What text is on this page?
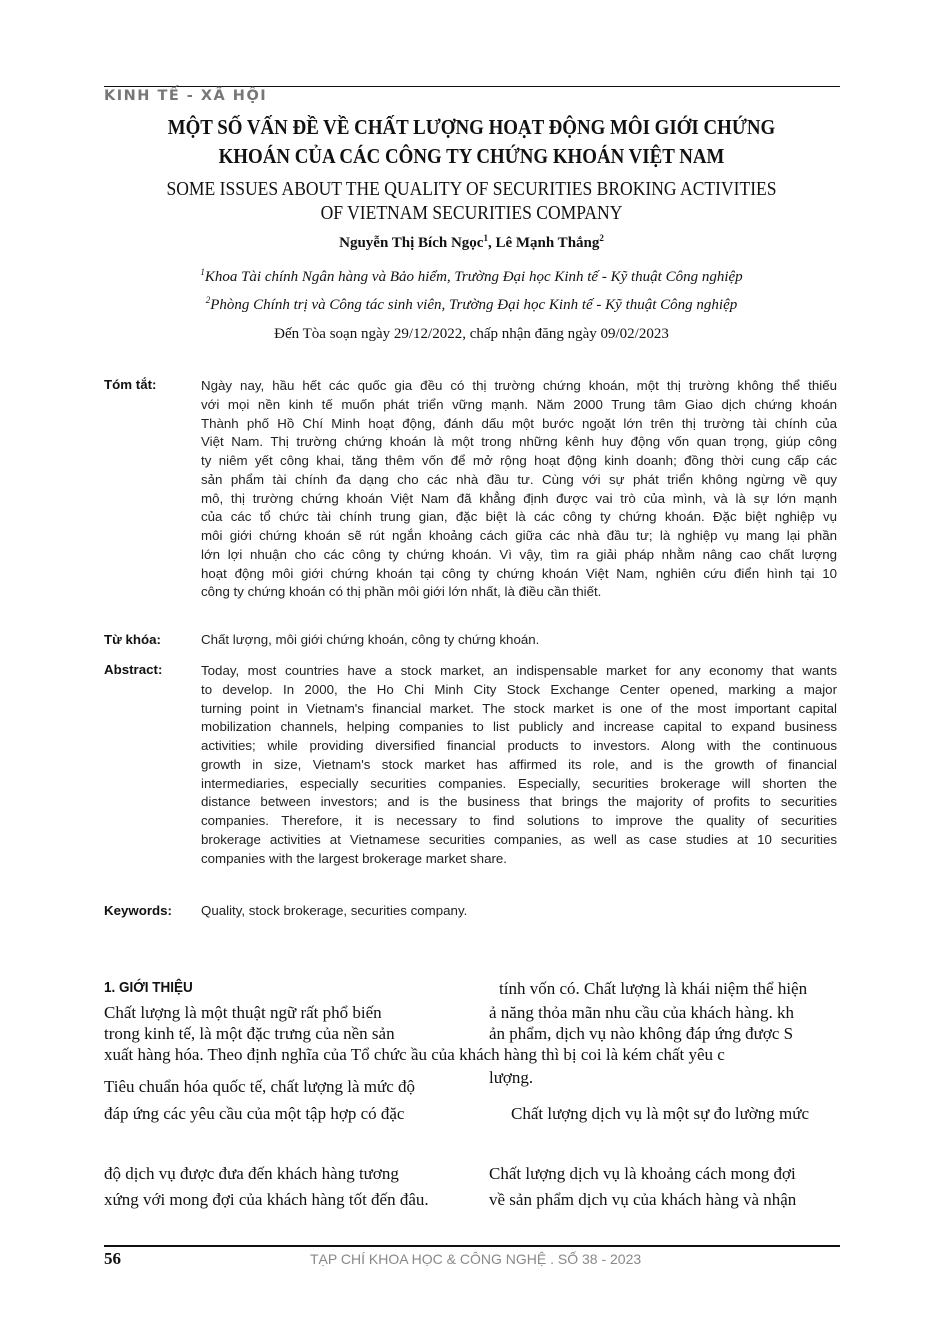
KINH TẾ - XÃ HỘI
MỘT SỐ VẤN ĐỀ VỀ CHẤT LƯỢNG HOẠT ĐỘNG MÔI GIỚI CHỨNG
KHOÁN CỦA CÁC CÔNG TY CHỨNG KHOÁN VIỆT NAM
SOME ISSUES ABOUT THE QUALITY OF SECURITIES BROKING ACTIVITIES
OF VIETNAM SECURITIES COMPANY
Nguyễn Thị Bích Ngọc$^1$, Lê Mạnh Thắng$^2$
$^1$Khoa Tài chính Ngân hàng và Bảo hiểm, Trường Đại học Kinh tế - Kỹ thuật Công nghiệp
$^2$Phòng Chính trị và Công tác sinh viên, Trường Đại học Kinh tế - Kỹ thuật Công nghiệp
Đến Tòa soạn ngày 29/12/2022, chấp nhận đăng ngày 09/02/2023
Tóm tắt:	Ngày nay, hầu hết các quốc gia đều có thị trường chứng khoán, một thị trường không thể thiếu
với mọi nền kinh tế muốn phát triển vững mạnh. Năm 2000 Trung tâm Giao dịch chứng khoán
Thành phố Hồ Chí Minh hoạt động, đánh dấu một bước ngoặt lớn trên thị trường tài chính của
Việt Nam. Thị trường chứng khoán là một trong những kênh huy động vốn quan trọng, giúp công
ty niêm yết công khai, tăng thêm vốn để mở rộng hoạt động kinh doanh; đồng thời cung cấp các
sản phẩm tài chính đa dạng cho các nhà đầu tư. Cùng với sự phát triển không ngừng về quy
mô, thị trường chứng khoán Việt Nam đã khẳng định được vai trò của mình, và là sự lớn mạnh
của các tổ chức tài chính trung gian, đặc biệt là các công ty chứng khoán. Đặc biệt nghiệp vụ
môi giới chứng khoán sẽ rút ngắn khoảng cách giữa các nhà đầu tư; là nghiệp vụ mang lại phần
lớn lợi nhuận cho các công ty chứng khoán. Vì vậy, tìm ra giải pháp nhằm nâng cao chất lượng
hoạt động môi giới chứng khoán tại công ty chứng khoán Việt Nam, nghiên cứu điển hình tại 10
công ty chứng khoán có thị phần môi giới lớn nhất, là điều cần thiết.
Từ khóa:	Chất lượng, môi giới chứng khoán, công ty chứng khoán.
Abstract:	Today, most countries have a stock market, an indispensable market for any economy that wants
to develop. In 2000, the Ho Chi Minh City Stock Exchange Center opened, marking a major
turning point in Vietnam's financial market. The stock market is one of the most important capital
mobilization channels, helping companies to list publicly and increase capital to expand business
activities; while providing diversified financial products to investors. Along with the continuous
growth in size, Vietnam's stock market has affirmed its role, and is the growth of financial
intermediaries, especially securities companies. Especially, securities brokerage will shorten the
distance between investors; and is the business that brings the majority of profits to securities
companies. Therefore, it is necessary to find solutions to improve the quality of securities
brokerage activities at Vietnamese securities companies, as well as case studies at 10 securities
companies with the largest brokerage market share.
Keywords: Quality, stock brokerage, securities company.
1. GIỚI THIỆU
Chất lượng là một thuật ngữ rất phổ biến
trong kinh tế, là một đặc trưng của nền sản
xuất hàng hóa. Theo định nghĩa của Tổ chức ầu của khách hàng thì bị coi là kém chất yêu c
Tiêu chuẩn hóa quốc tế, chất lượng là mức độ
đáp ứng các yêu cầu của một tập hợp có đặc
độ dịch vụ được đưa đến khách hàng tương
xứng với mong đợi của khách hàng tốt đến đâu.
tính vốn có. Chất lượng là khái niệm thể hiện
ả năng thỏa mãn nhu cầu của khách hàng. kh
ản phẩm, dịch vụ nào không đáp ứng được S
lượng.
Chất lượng dịch vụ là một sự đo lường mức
Chất lượng dịch vụ là khoảng cách mong đợi
về sản phẩm dịch vụ của khách hàng và nhận
56	TẠP CHÍ KHOA HỌC & CÔNG NGHỆ . SỐ 38 - 2023
